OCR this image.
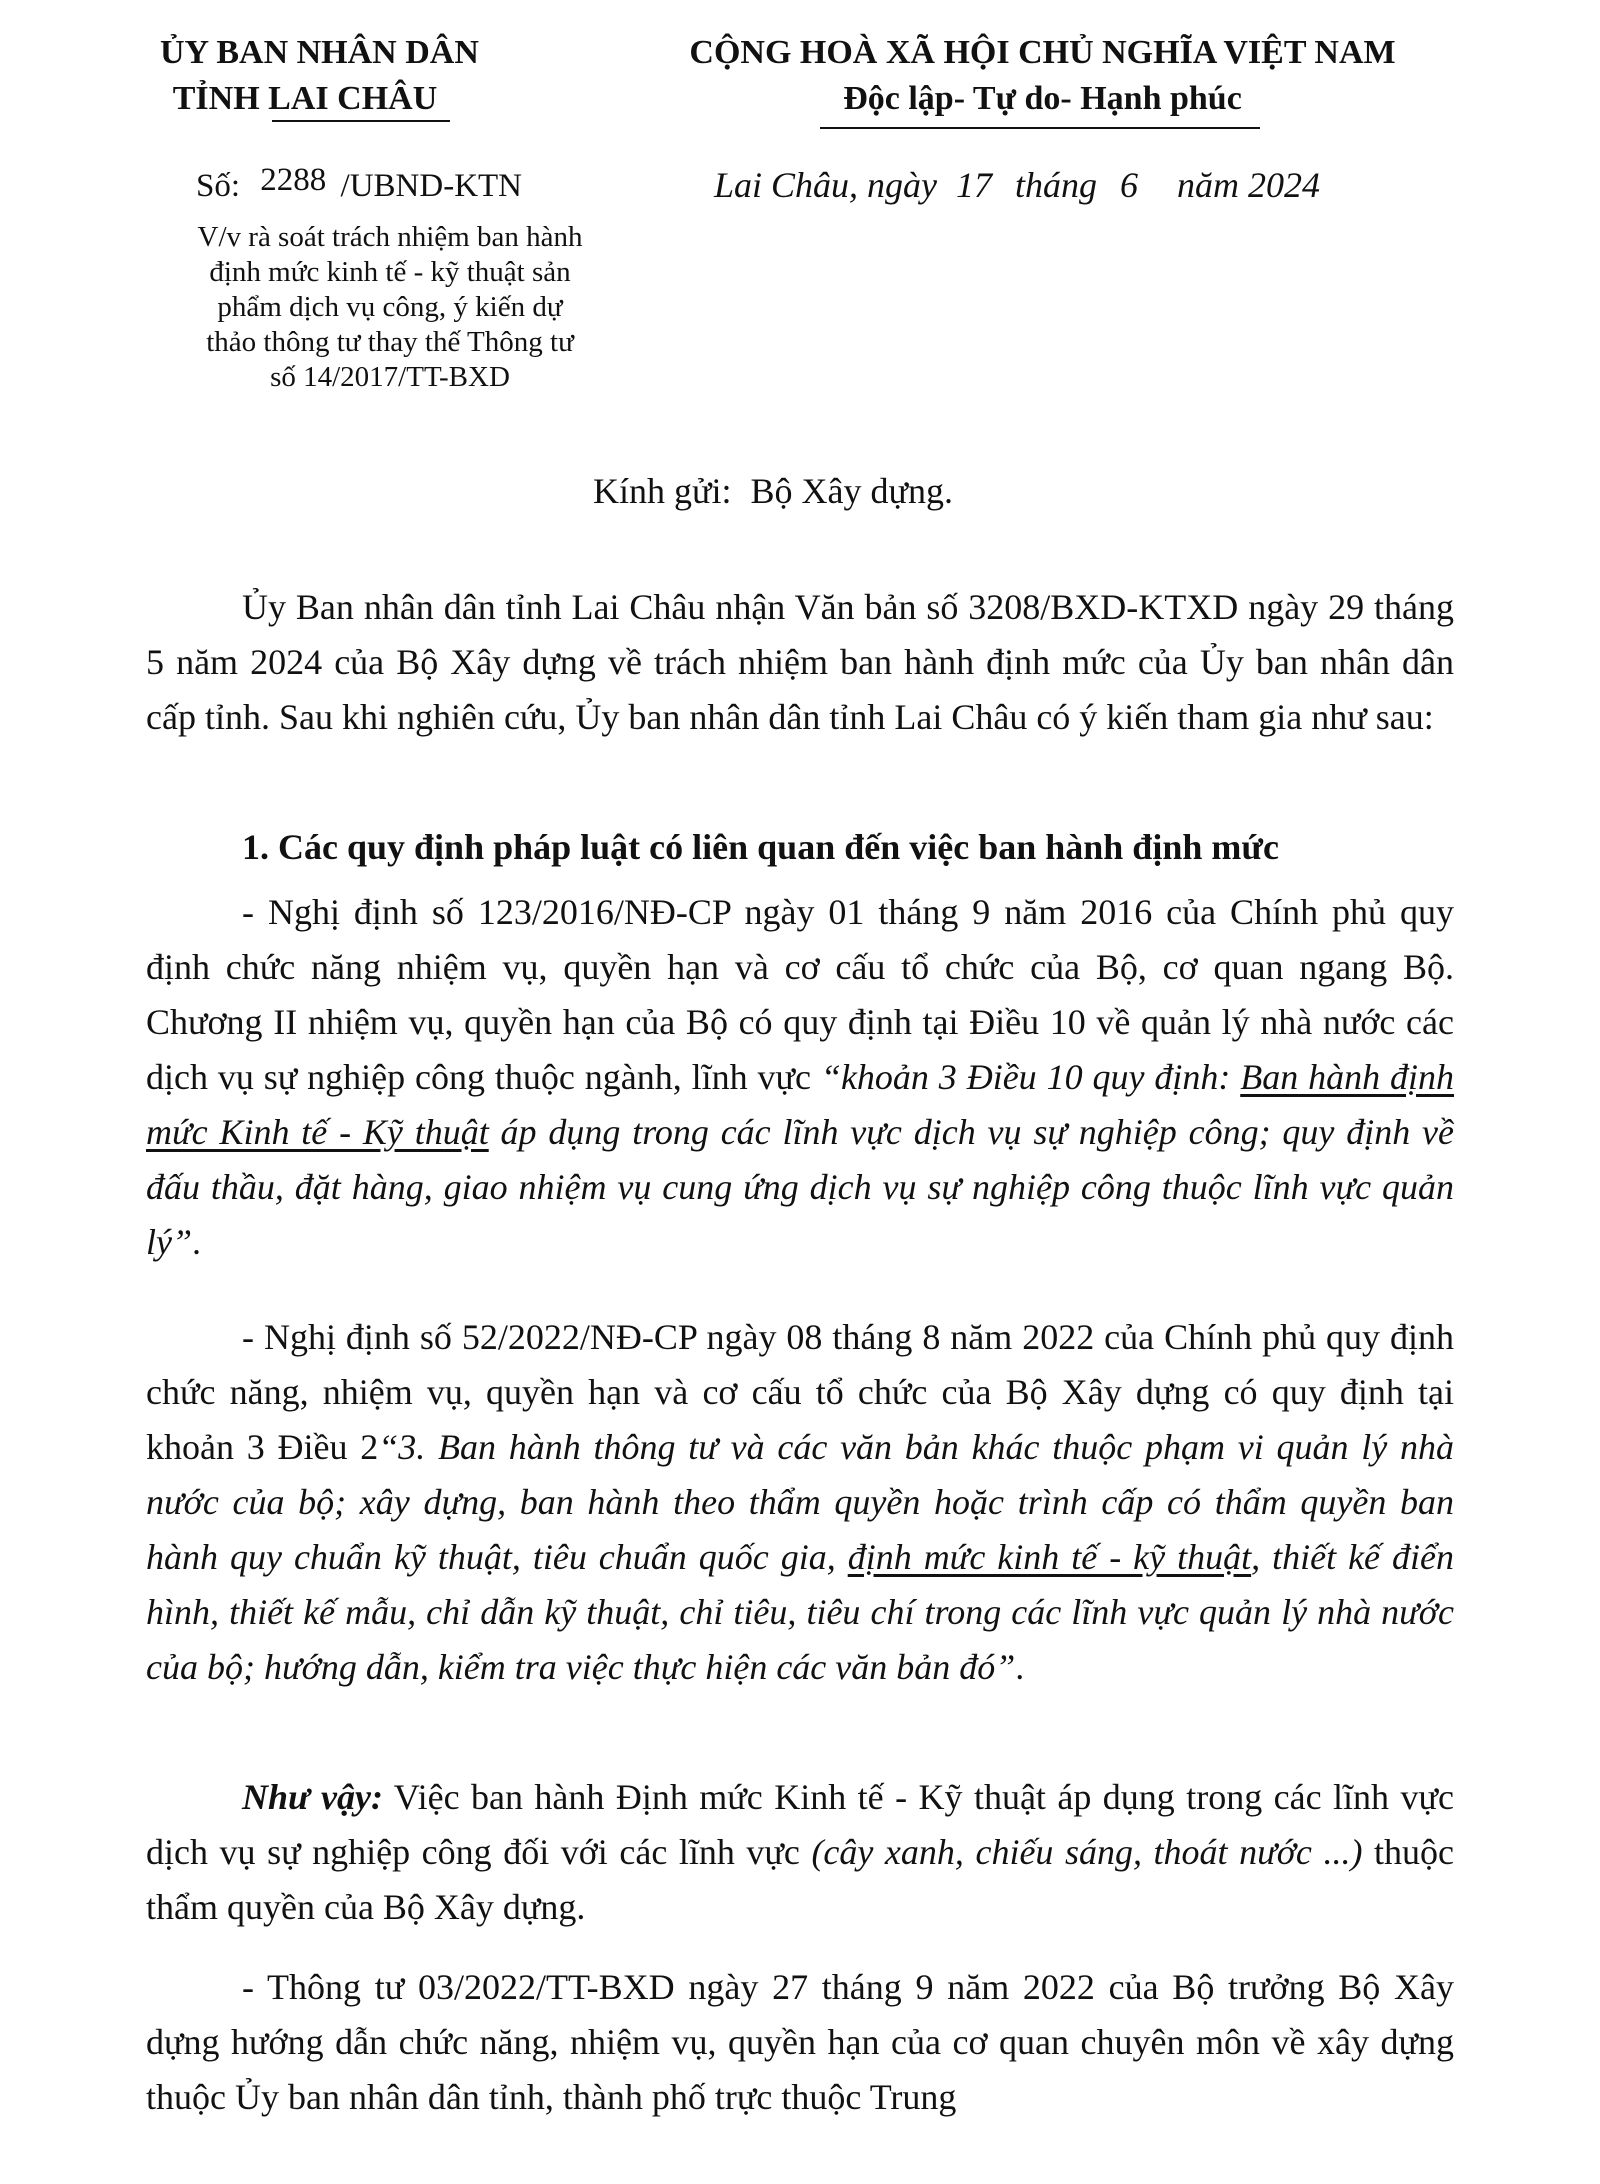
ỦY BAN NHÂN DÂN
TỈNH LAI CHÂU
CỘNG HOÀ XÃ HỘI CHỦ NGHĨA VIỆT NAM
Độc lập- Tự do- Hạnh phúc
Số: 2288 /UBND-KTN
V/v rà soát trách nhiệm ban hành
định mức kinh tế - kỹ thuật sản
phẩm dịch vụ công, ý kiến dự
thảo thông tư thay thế Thông tư
số 14/2017/TT-BXD
Lai Châu, ngày 17 tháng 6 năm 2024
Kính gửi: Bộ Xây dựng.

Ủy Ban nhân dân tỉnh Lai Châu nhận Văn bản số 3208/BXD-KTXD ngày 29 tháng 5 năm 2024 của Bộ Xây dựng về trách nhiệm ban hành định mức của Ủy ban nhân dân cấp tỉnh. Sau khi nghiên cứu, Ủy ban nhân dân tỉnh Lai Châu có ý kiến tham gia như sau:

1. Các quy định pháp luật có liên quan đến việc ban hành định mức

- Nghị định số 123/2016/NĐ-CP ngày 01 tháng 9 năm 2016 của Chính phủ quy định chức năng nhiệm vụ, quyền hạn và cơ cấu tổ chức của Bộ, cơ quan ngang Bộ. Chương II nhiệm vụ, quyền hạn của Bộ có quy định tại Điều 10 về quản lý nhà nước các dịch vụ sự nghiệp công thuộc ngành, lĩnh vực “khoản 3 Điều 10 quy định: Ban hành định mức Kinh tế - Kỹ thuật áp dụng trong các lĩnh vực dịch vụ sự nghiệp công; quy định về đấu thầu, đặt hàng, giao nhiệm vụ cung ứng dịch vụ sự nghiệp công thuộc lĩnh vực quản lý”.

- Nghị định số 52/2022/NĐ-CP ngày 08 tháng 8 năm 2022 của Chính phủ quy định chức năng, nhiệm vụ, quyền hạn và cơ cấu tổ chức của Bộ Xây dựng có quy định tại khoản 3 Điều 2“3. Ban hành thông tư và các văn bản khác thuộc phạm vi quản lý nhà nước của bộ; xây dựng, ban hành theo thẩm quyền hoặc trình cấp có thẩm quyền ban hành quy chuẩn kỹ thuật, tiêu chuẩn quốc gia, định mức kinh tế - kỹ thuật, thiết kế điển hình, thiết kế mẫu, chỉ dẫn kỹ thuật, chỉ tiêu, tiêu chí trong các lĩnh vực quản lý nhà nước của bộ; hướng dẫn, kiểm tra việc thực hiện các văn bản đó”.

Như vậy: Việc ban hành Định mức Kinh tế - Kỹ thuật áp dụng trong các lĩnh vực dịch vụ sự nghiệp công đối với các lĩnh vực (cây xanh, chiếu sáng, thoát nước ...) thuộc thẩm quyền của Bộ Xây dựng.

- Thông tư 03/2022/TT-BXD ngày 27 tháng 9 năm 2022 của Bộ trưởng Bộ Xây dựng hướng dẫn chức năng, nhiệm vụ, quyền hạn của cơ quan chuyên môn về xây dựng thuộc Ủy ban nhân dân tỉnh, thành phố trực thuộc Trung
